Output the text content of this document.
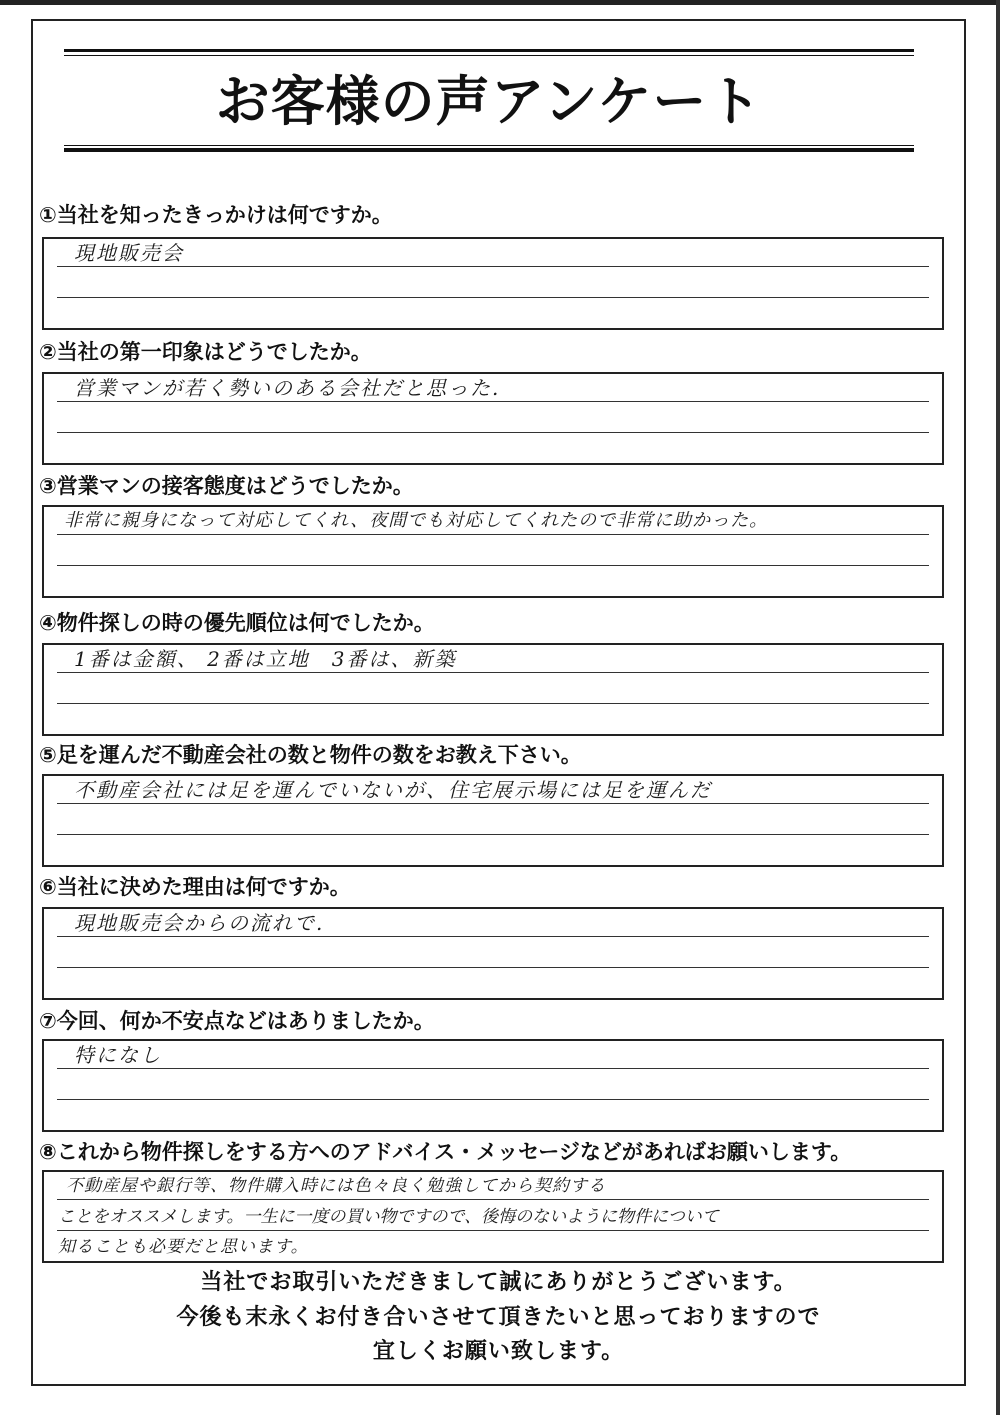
お客様の声アンケート
①当社を知ったきっかけは何ですか。
現地販売会
②当社の第一印象はどうでしたか。
営業マンが若く勢いのある会社だと思った.
③営業マンの接客態度はどうでしたか。
非常に親身になって対応してくれ、夜間でも対応してくれたので非常に助かった。
④物件探しの時の優先順位は何でしたか。
1番は金額、 2番は立地　3番は、新築
⑤足を運んだ不動産会社の数と物件の数をお教え下さい。
不動産会社には足を運んでいないが、住宅展示場には足を運んだ
⑥当社に決めた理由は何ですか。
現地販売会からの流れで.
⑦今回、何か不安点などはありましたか。
特になし
⑧これから物件探しをする方へのアドバイス・メッセージなどがあればお願いします。
不動産屋や銀行等、物件購入時には色々良く勉強してから契約する
ことをオススメします。一生に一度の買い物ですので、後悔のないように物件について
知ることも必要だと思います。
当社でお取引いただきまして誠にありがとうございます。
今後も末永くお付き合いさせて頂きたいと思っておりますので
宜しくお願い致します。
